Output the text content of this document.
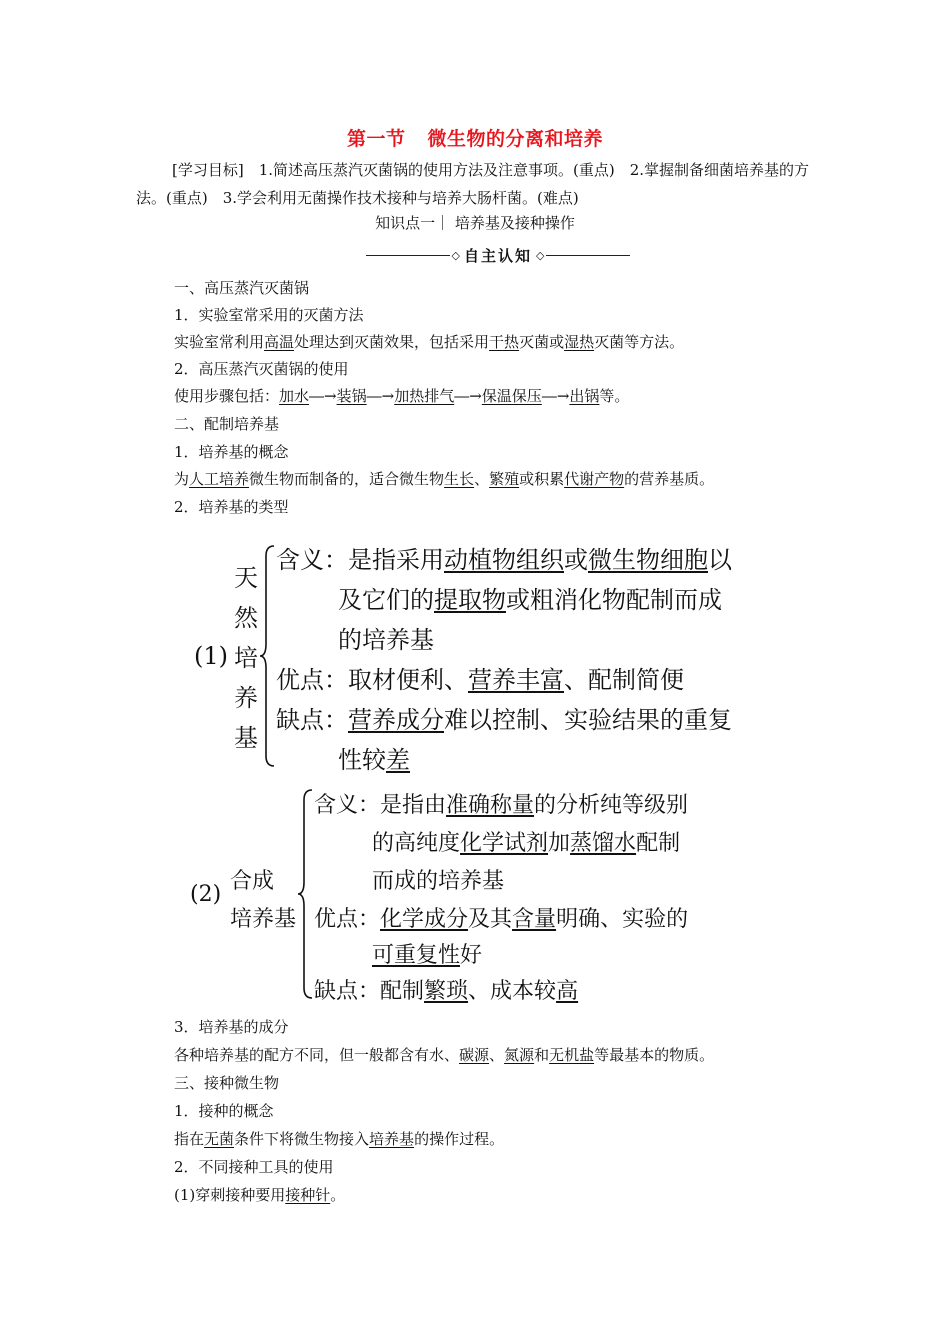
第一节 微生物的分离和培养
[学习目标]　1.简述高压蒸汽灭菌锅的使用方法及注意事项。(重点)　2.掌握制备细菌培养基的方法。(重点)　3.学会利用无菌操作技术接种与培养大肠杆菌。(难点)
知识点一｜ 培养基及接种操作
◇ 自主认知 ◇
一、高压蒸汽灭菌锅
1．实验室常采用的灭菌方法
实验室常利用高温处理达到灭菌效果，包括采用干热灭菌或湿热灭菌等方法。
2．高压蒸汽灭菌锅的使用
使用步骤包括：加水―→装锅―→加热排气―→保温保压―→出锅等。
二、配制培养基
1．培养基的概念
为人工培养微生物而制备的，适合微生物生长、繁殖或积累代谢产物的营养基质。
2．培养基的类型
(1)
天
然
培
养
基
含义：是指采用动植物组织或微生物细胞以
及它们的提取物或粗消化物配制而成
的培养基
优点：取材便利、营养丰富、配制简便
缺点：营养成分难以控制、实验结果的重复
性较差
(2)
合成
培养基
含义：是指由准确称量的分析纯等级别
的高纯度化学试剂加蒸馏水配制
而成的培养基
优点：化学成分及其含量明确、实验的
可重复性好
缺点：配制繁琐、成本较高
3．培养基的成分
各种培养基的配方不同，但一般都含有水、碳源、氮源和无机盐等最基本的物质。
三、接种微生物
1．接种的概念
指在无菌条件下将微生物接入培养基的操作过程。
2．不同接种工具的使用
(1)穿刺接种要用接种针。
